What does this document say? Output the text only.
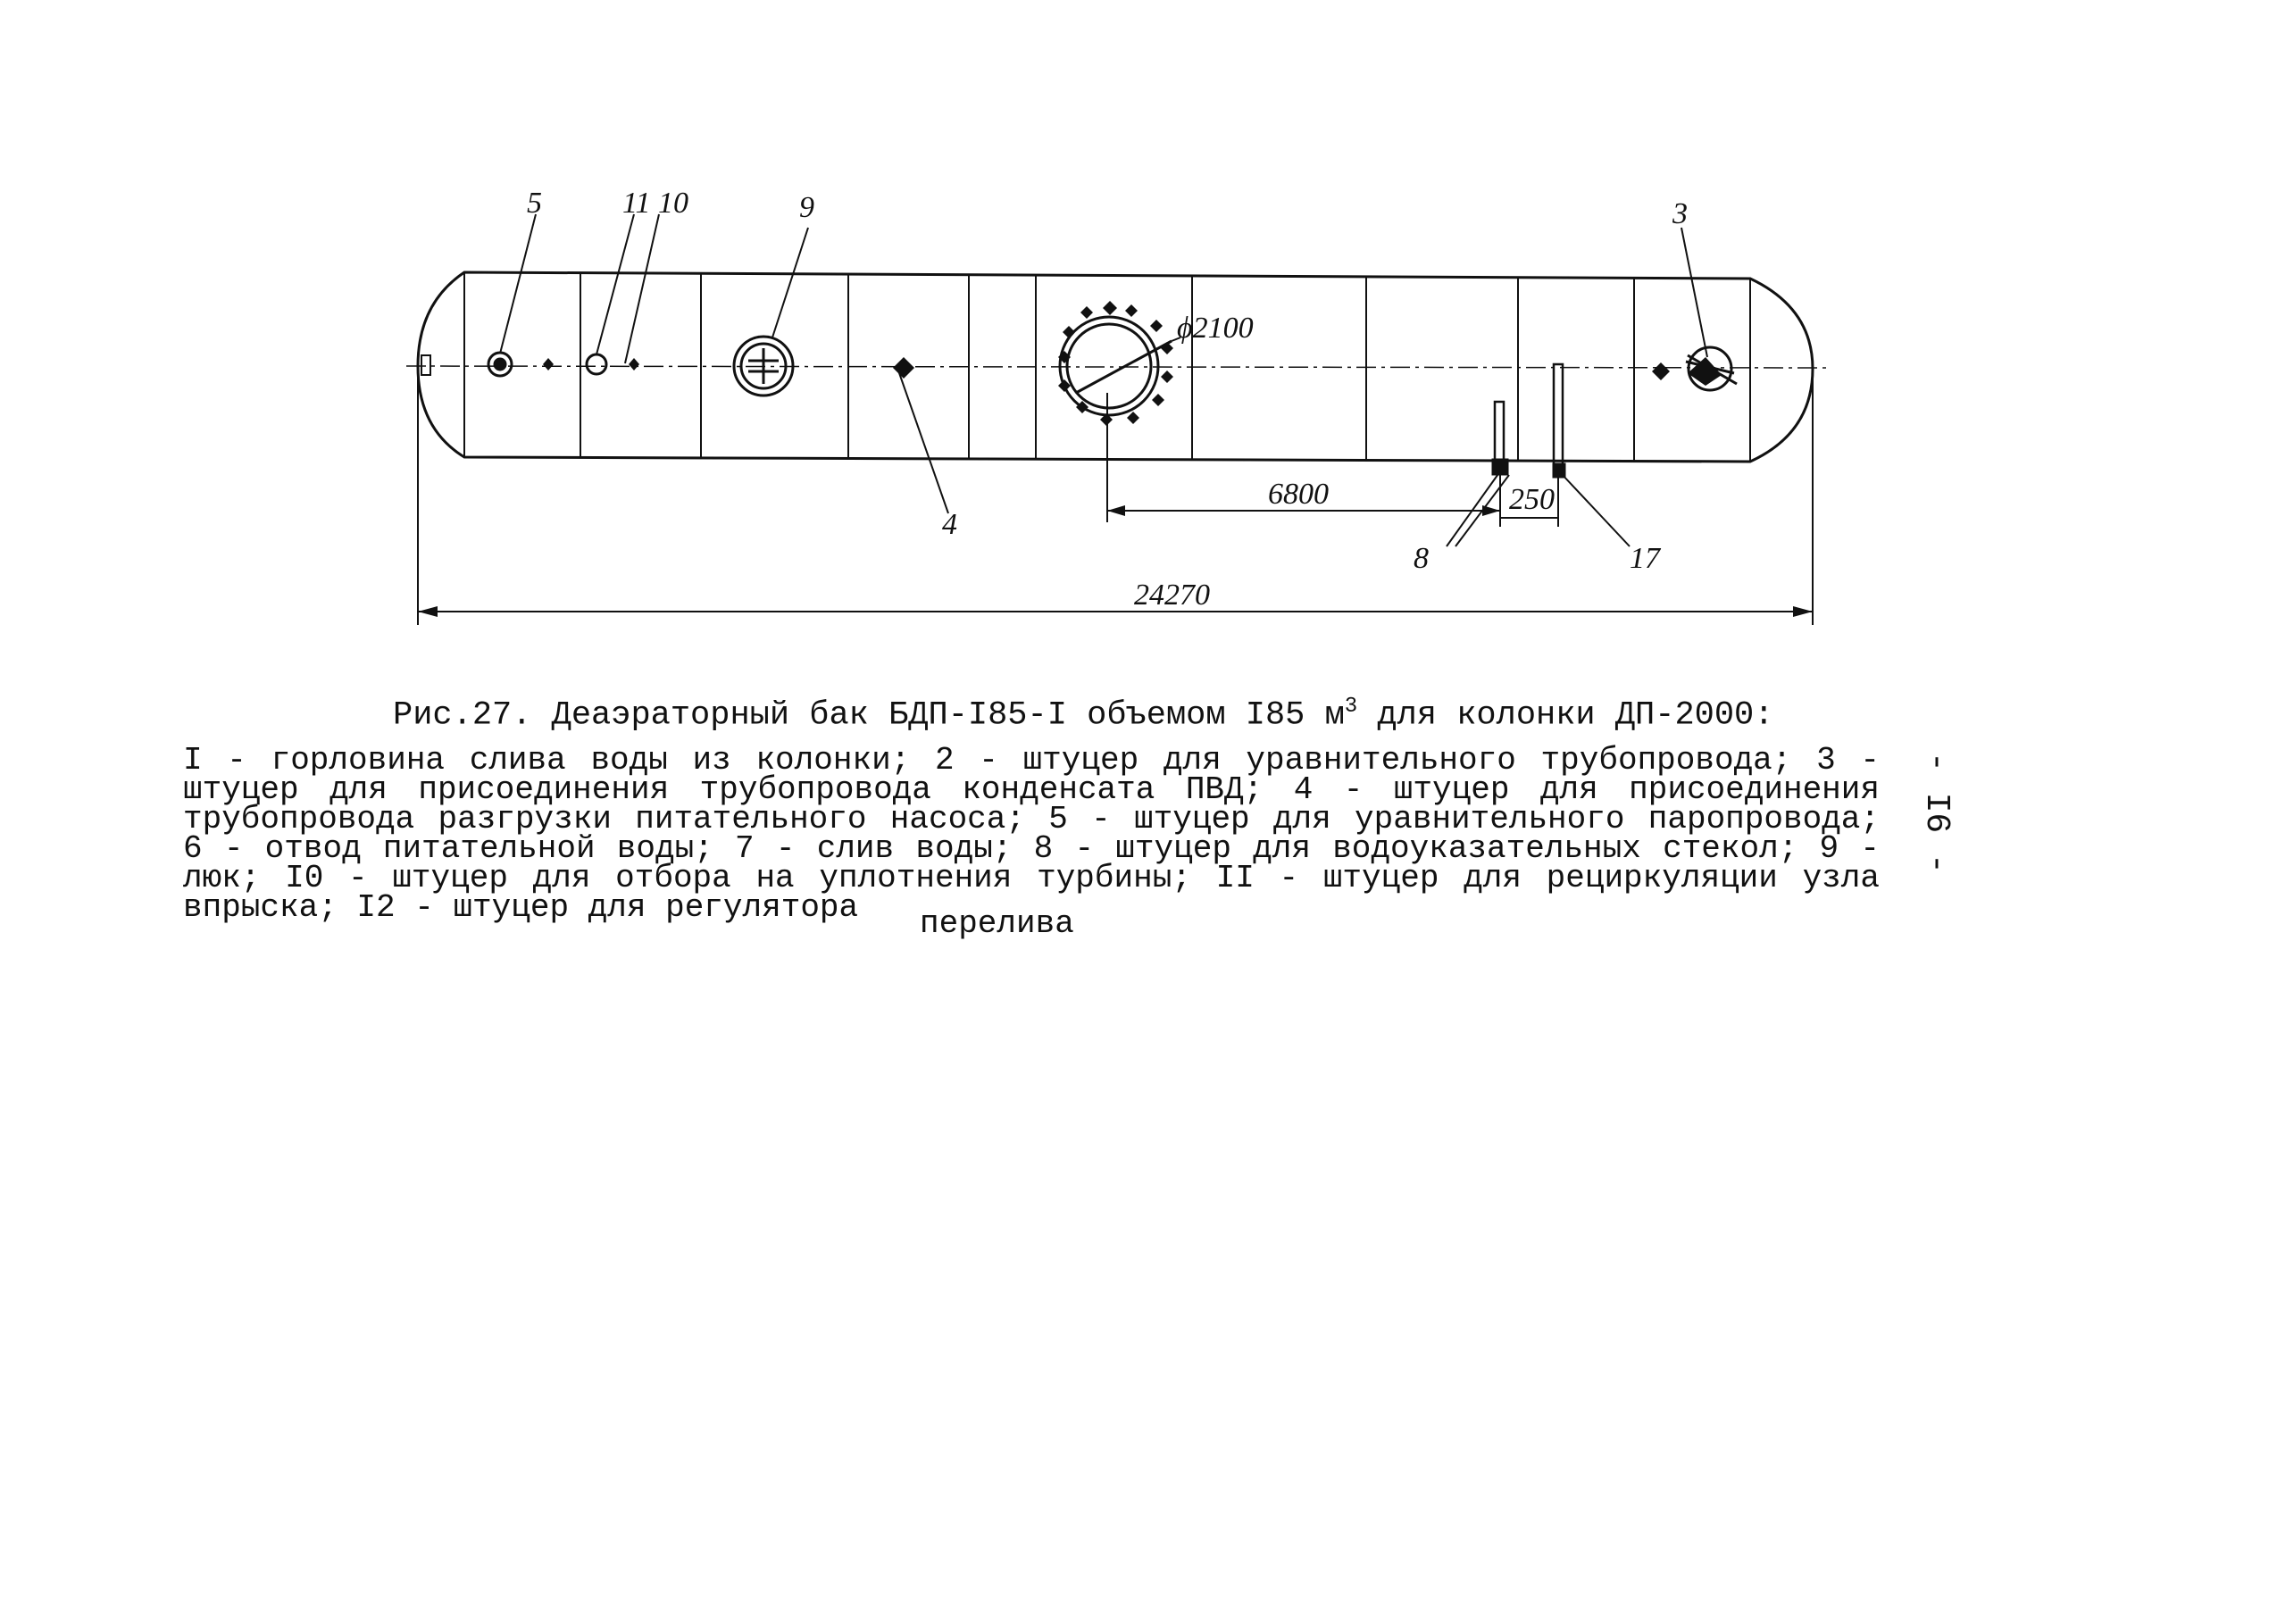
5	11 10	9	3
4
8	17
ϕ2100
6800	250
24270
Рис.27. Деаэраторный бак БДП-I85-I объемом I85 $м^3$ для колонки ДП-2000:
I - горловина слива воды из колонки; 2 - штуцер для уравнительного трубопровода; 3 - штуцер для присоединения трубопровода конденсата ПВД; 4 - штуцер для присоединения трубопровода разгрузки питательного насоса; 5 - штуцер для уравнительного паропровода; 6 - отвод питательной воды; 7 - слив воды; 8 - штуцер для водоуказательных стекол; 9 - люк; I0 - штуцер для отбора на уплотнения турбины; II - штуцер для рециркуляции узла впрыска; I2 - штуцер для регулятора	перелива
- I6 -
